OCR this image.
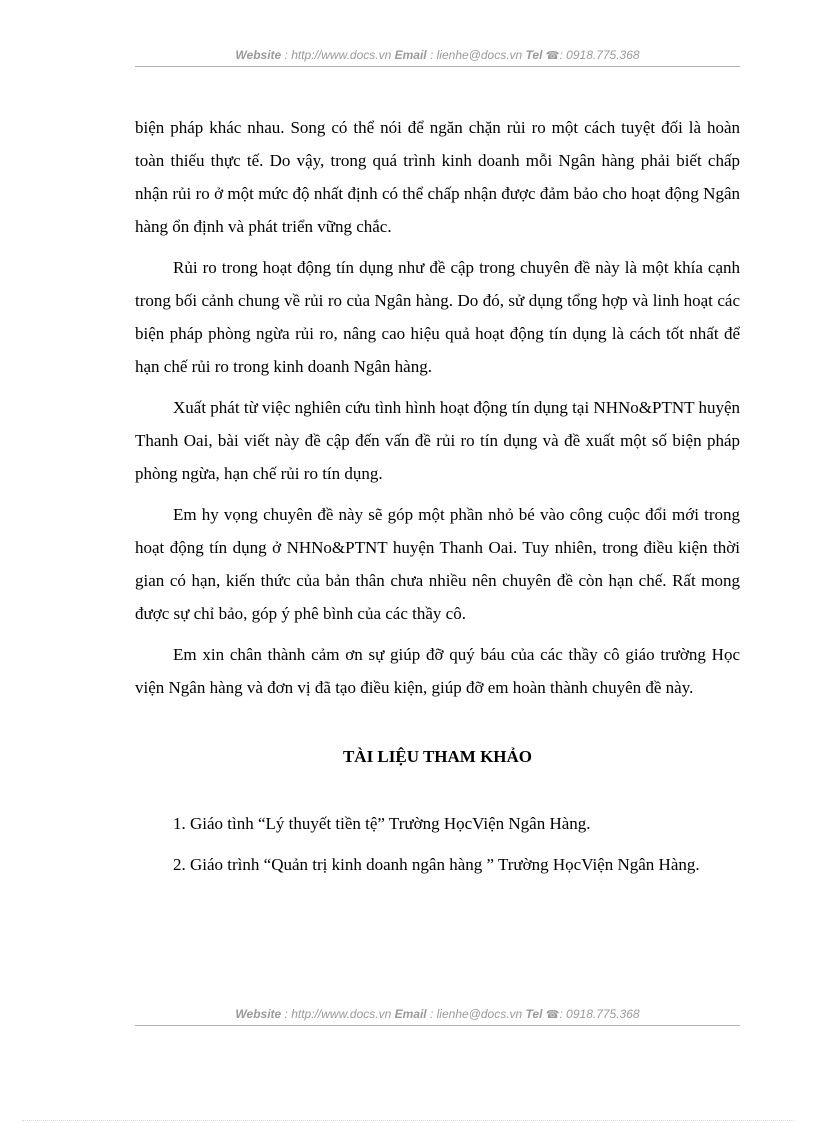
Website : http://www.docs.vn Email : lienhe@docs.vn Tel ☎: 0918.775.368

biện pháp khác nhau. Song có thể nói để ngăn chặn rủi ro một cách tuyệt đối là hoàn toàn thiếu thực tế. Do vậy, trong quá trình kinh doanh mỗi Ngân hàng phải biết chấp nhận rủi ro ở một mức độ nhất định có thể chấp nhận được đảm bảo cho hoạt động Ngân hàng ổn định và phát triển vững chắc.

Rủi ro trong hoạt động tín dụng như đề cập trong chuyên đề này là một khía cạnh trong bối cảnh chung về rủi ro của Ngân hàng. Do đó, sử dụng tổng hợp và linh hoạt các biện pháp phòng ngừa rủi ro, nâng cao hiệu quả hoạt động tín dụng là cách tốt nhất để hạn chế rủi ro trong kinh doanh Ngân hàng.

Xuất phát từ việc nghiên cứu tình hình hoạt động tín dụng tại NHNo&PTNT huyện Thanh Oai, bài viết này đề cập đến vấn đề rủi ro tín dụng và đề xuất một số biện pháp phòng ngừa, hạn chế rủi ro tín dụng.

Em hy vọng chuyên đề này sẽ góp một phần nhỏ bé vào công cuộc đổi mới trong hoạt động tín dụng ở NHNo&PTNT huyện Thanh Oai. Tuy nhiên, trong điều kiện thời gian có hạn, kiến thức của bản thân chưa nhiều nên chuyên đề còn hạn chế. Rất mong được sự chỉ bảo, góp ý phê bình của các thầy cô.

Em xin chân thành cảm ơn sự giúp đỡ quý báu của các thầy cô giáo trường Học viện Ngân hàng và đơn vị đã tạo điều kiện, giúp đỡ em hoàn thành chuyên đề này.

TÀI LIỆU THAM KHẢO

1. Giáo tình “Lý thuyết tiền tệ” Trường HọcViện Ngân Hàng.

2. Giáo trình “Quản trị kinh doanh ngân hàng ” Trường HọcViện Ngân Hàng.

Website : http://www.docs.vn Email : lienhe@docs.vn Tel ☎: 0918.775.368
